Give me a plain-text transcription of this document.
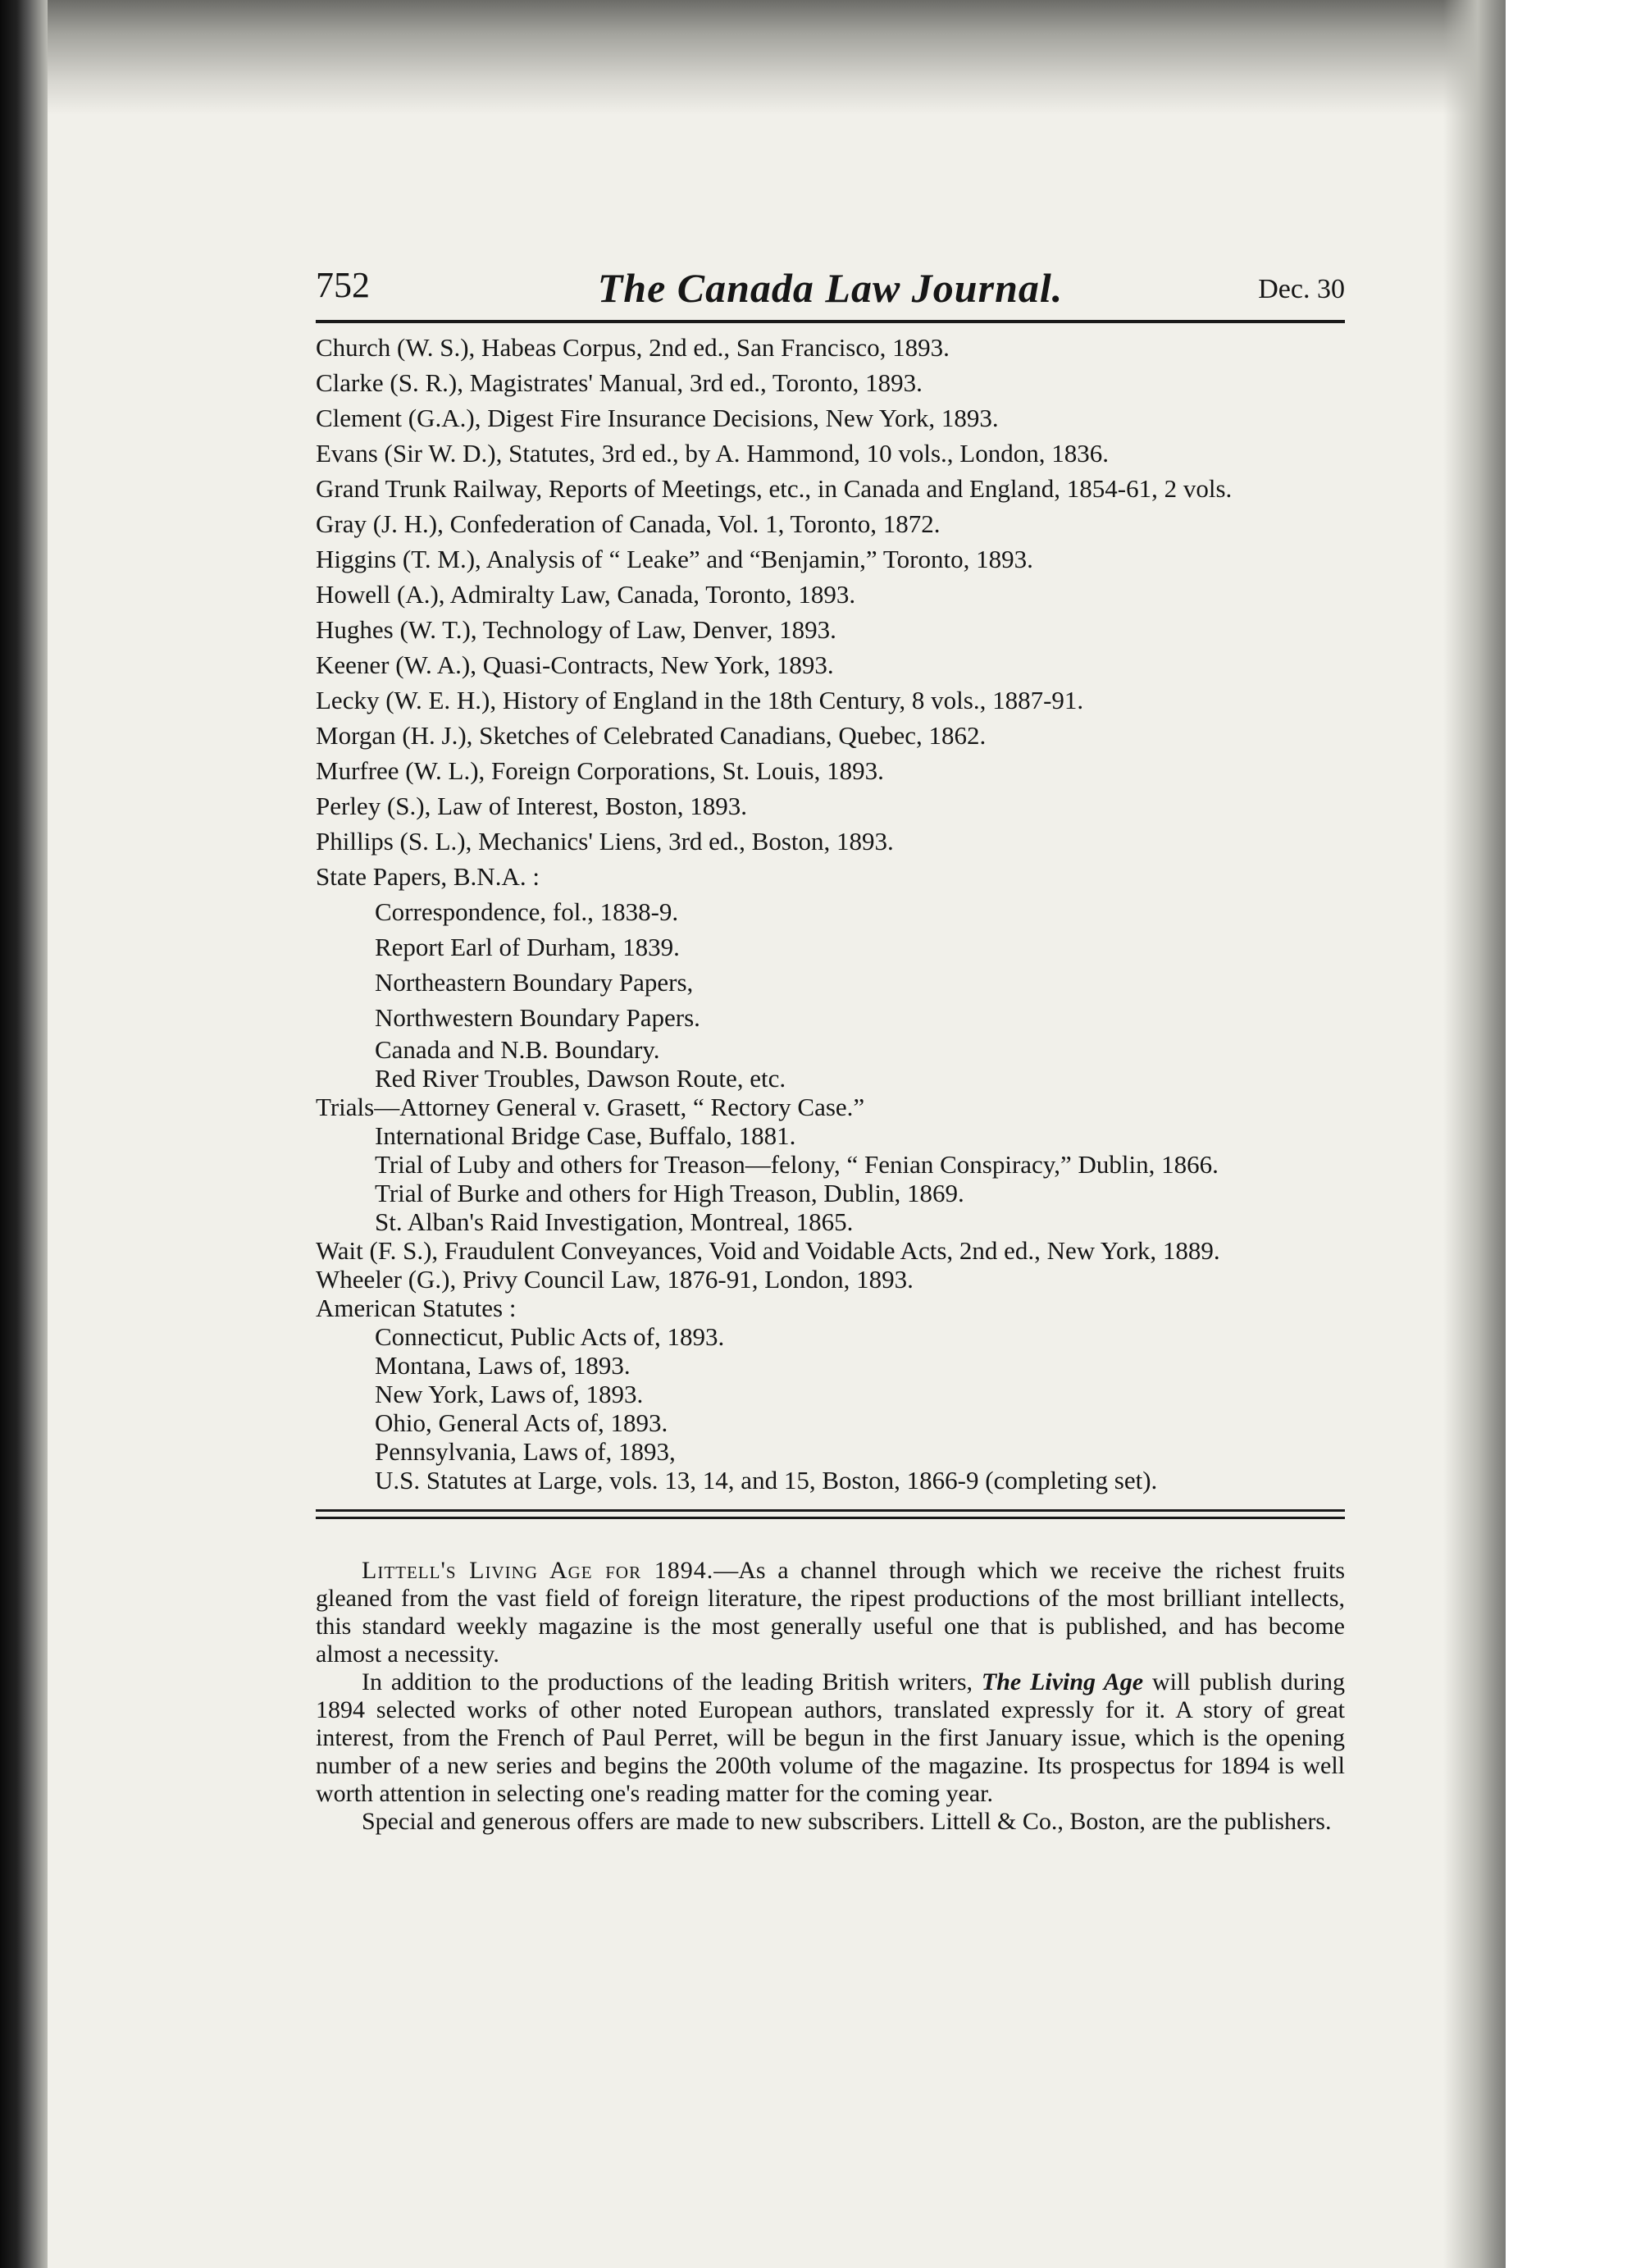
752	The Canada Law Journal.	Dec. 30

Church (W. S.), Habeas Corpus, 2nd ed., San Francisco, 1893.

Clarke (S. R.), Magistrates' Manual, 3rd ed., Toronto, 1893.

Clement (G.A.), Digest Fire Insurance Decisions, New York, 1893.

Evans (Sir W. D.), Statutes, 3rd ed., by A. Hammond, 10 vols., London, 1836.

Grand Trunk Railway, Reports of Meetings, etc., in Canada and England, 1854-61, 2 vols.

Gray (J. H.), Confederation of Canada, Vol. 1, Toronto, 1872.

Higgins (T. M.), Analysis of “ Leake” and “Benjamin,” Toronto, 1893.

Howell (A.), Admiralty Law, Canada, Toronto, 1893.

Hughes (W. T.), Technology of Law, Denver, 1893.

Keener (W. A.), Quasi-Contracts, New York, 1893.

Lecky (W. E. H.), History of England in the 18th Century, 8 vols., 1887-91.

Morgan (H. J.), Sketches of Celebrated Canadians, Quebec, 1862.

Murfree (W. L.), Foreign Corporations, St. Louis, 1893.

Perley (S.), Law of Interest, Boston, 1893.

Phillips (S. L.), Mechanics' Liens, 3rd ed., Boston, 1893.

State Papers, B.N.A. :

Correspondence, fol., 1838-9.

Report Earl of Durham, 1839.

Northeastern Boundary Papers,

Northwestern Boundary Papers.

Canada and N.B. Boundary.

Red River Troubles, Dawson Route, etc.

Trials—Attorney General v. Grasett, “ Rectory Case.”

International Bridge Case, Buffalo, 1881.

Trial of Luby and others for Treason—felony, “ Fenian Conspiracy,” Dublin, 1866.

Trial of Burke and others for High Treason, Dublin, 1869.

St. Alban's Raid Investigation, Montreal, 1865.

Wait (F. S.), Fraudulent Conveyances, Void and Voidable Acts, 2nd ed., New York, 1889.

Wheeler (G.), Privy Council Law, 1876-91, London, 1893.

American Statutes :

Connecticut, Public Acts of, 1893.

Montana, Laws of, 1893.

New York, Laws of, 1893.

Ohio, General Acts of, 1893.

Pennsylvania, Laws of, 1893,

U.S. Statutes at Large, vols. 13, 14, and 15, Boston, 1866-9 (completing set).

Littell's Living Age for 1894.—As a channel through which we receive the richest fruits gleaned from the vast field of foreign literature, the ripest productions of the most brilliant intellects, this standard weekly magazine is the most generally useful one that is published, and has become almost a necessity.

In addition to the productions of the leading British writers, The Living Age will publish during 1894 selected works of other noted European authors, translated expressly for it. A story of great interest, from the French of Paul Perret, will be begun in the first January issue, which is the opening number of a new series and begins the 200th volume of the magazine. Its prospectus for 1894 is well worth attention in selecting one's reading matter for the coming year.

Special and generous offers are made to new subscribers. Littell & Co., Boston, are the publishers.
